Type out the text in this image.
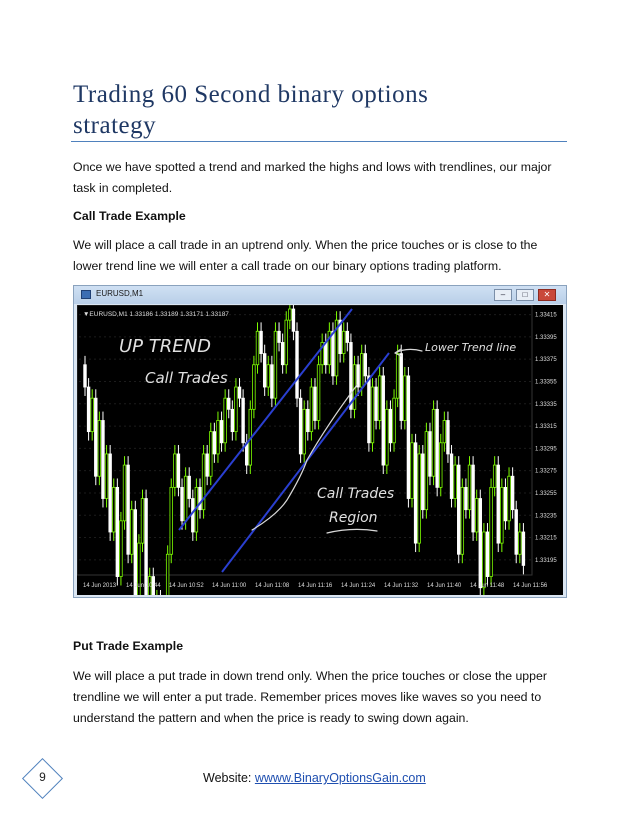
Trading 60 Second binary options
strategy
Once we have spotted a trend and marked the highs and lows with trendlines, our major task in completed.
Call Trade Example
We will place a call trade in an uptrend only. When the price touches or is close to the lower trend line we will enter a call trade on our binary options trading platform.
EURUSD,M1	–	□	✕
▼EURUSD,M1 1.33186 1.33189 1.33171 1.33187	1.33415
1.33395
1.33375
1.33355
1.33335
1.33315
1.33295
1.33275
1.33255
1.33235
1.33215
1.33195
14 Jun 2013 14 Jun 10:44 14 Jun 10:52 14 Jun 11:00 14 Jun 11:08 14 Jun 11:16 14 Jun 11:24 14 Jun 11:32 14 Jun 11:40 14 Jun 11:48 14 Jun 11:56
UP TREND
Call Trades
Lower Trend line
Call Trades
Region
Put Trade Example
We will place a put trade in down trend only. When the price touches or close the upper trendline we will enter a put trade. Remember prices moves like waves so you need to understand the pattern and when the price is ready to swing down again.
9	Website: wwww.BinaryOptionsGain.com
